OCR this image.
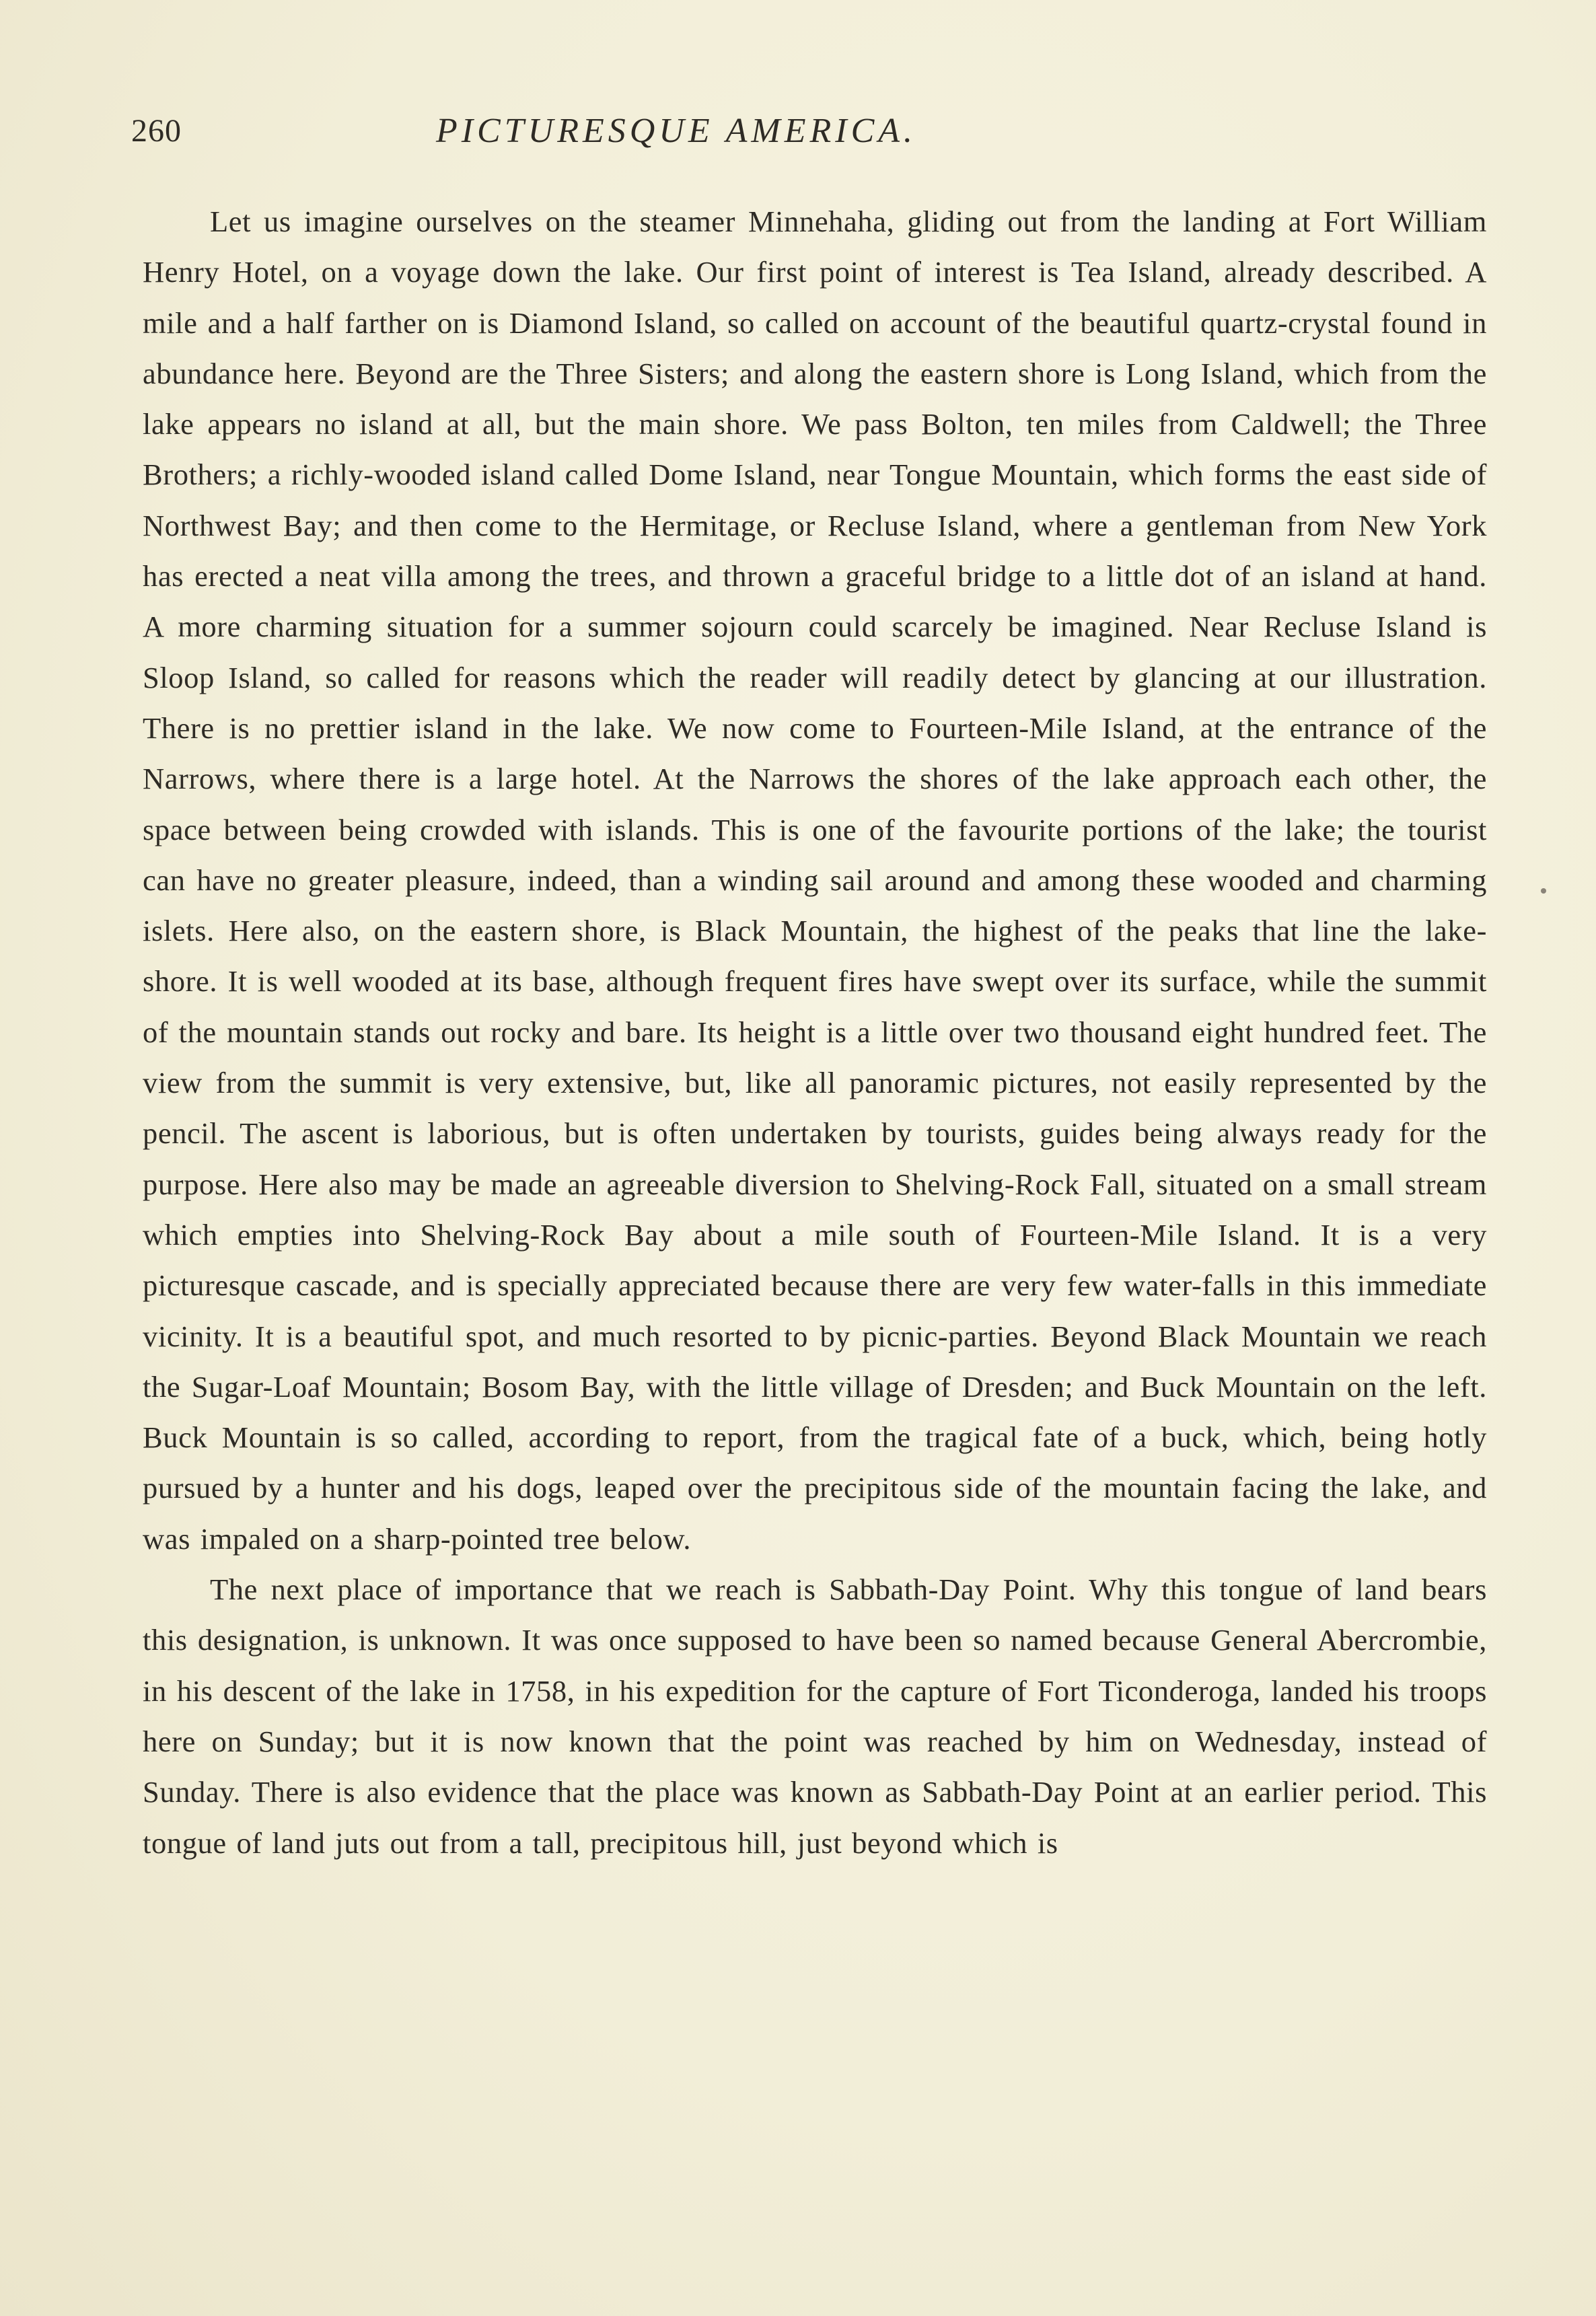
260	PICTURESQUE AMERICA.

Let us imagine ourselves on the steamer Minnehaha, gliding out from the landing at Fort William Henry Hotel, on a voyage down the lake. Our first point of interest is Tea Island, already described. A mile and a half farther on is Diamond Island, so called on account of the beautiful quartz-crystal found in abundance here. Beyond are the Three Sisters; and along the eastern shore is Long Island, which from the lake appears no island at all, but the main shore. We pass Bolton, ten miles from Caldwell; the Three Brothers; a richly-wooded island called Dome Island, near Tongue Mountain, which forms the east side of Northwest Bay; and then come to the Hermitage, or Recluse Island, where a gentleman from New York has erected a neat villa among the trees, and thrown a graceful bridge to a little dot of an island at hand. A more charming situation for a summer sojourn could scarcely be imagined. Near Recluse Island is Sloop Island, so called for reasons which the reader will readily detect by glancing at our illustration. There is no prettier island in the lake. We now come to Fourteen-Mile Island, at the entrance of the Narrows, where there is a large hotel. At the Narrows the shores of the lake approach each other, the space between being crowded with islands. This is one of the favourite portions of the lake; the tourist can have no greater pleasure, indeed, than a winding sail around and among these wooded and charming islets. Here also, on the eastern shore, is Black Mountain, the highest of the peaks that line the lake-shore. It is well wooded at its base, although frequent fires have swept over its surface, while the summit of the mountain stands out rocky and bare. Its height is a little over two thousand eight hundred feet. The view from the summit is very extensive, but, like all panoramic pictures, not easily represented by the pencil. The ascent is laborious, but is often undertaken by tourists, guides being always ready for the purpose. Here also may be made an agreeable diversion to Shelving-Rock Fall, situated on a small stream which empties into Shelving-Rock Bay about a mile south of Fourteen-Mile Island. It is a very picturesque cascade, and is specially appreciated because there are very few water-falls in this immediate vicinity. It is a beautiful spot, and much resorted to by picnic-parties. Beyond Black Mountain we reach the Sugar-Loaf Mountain; Bosom Bay, with the little village of Dresden; and Buck Mountain on the left. Buck Mountain is so called, according to report, from the tragical fate of a buck, which, being hotly pursued by a hunter and his dogs, leaped over the precipitous side of the mountain facing the lake, and was impaled on a sharp-pointed tree below.

The next place of importance that we reach is Sabbath-Day Point. Why this tongue of land bears this designation, is unknown. It was once supposed to have been so named because General Abercrombie, in his descent of the lake in 1758, in his expedition for the capture of Fort Ticonderoga, landed his troops here on Sunday; but it is now known that the point was reached by him on Wednesday, instead of Sunday. There is also evidence that the place was known as Sabbath-Day Point at an earlier period. This tongue of land juts out from a tall, precipitous hill, just beyond which is
